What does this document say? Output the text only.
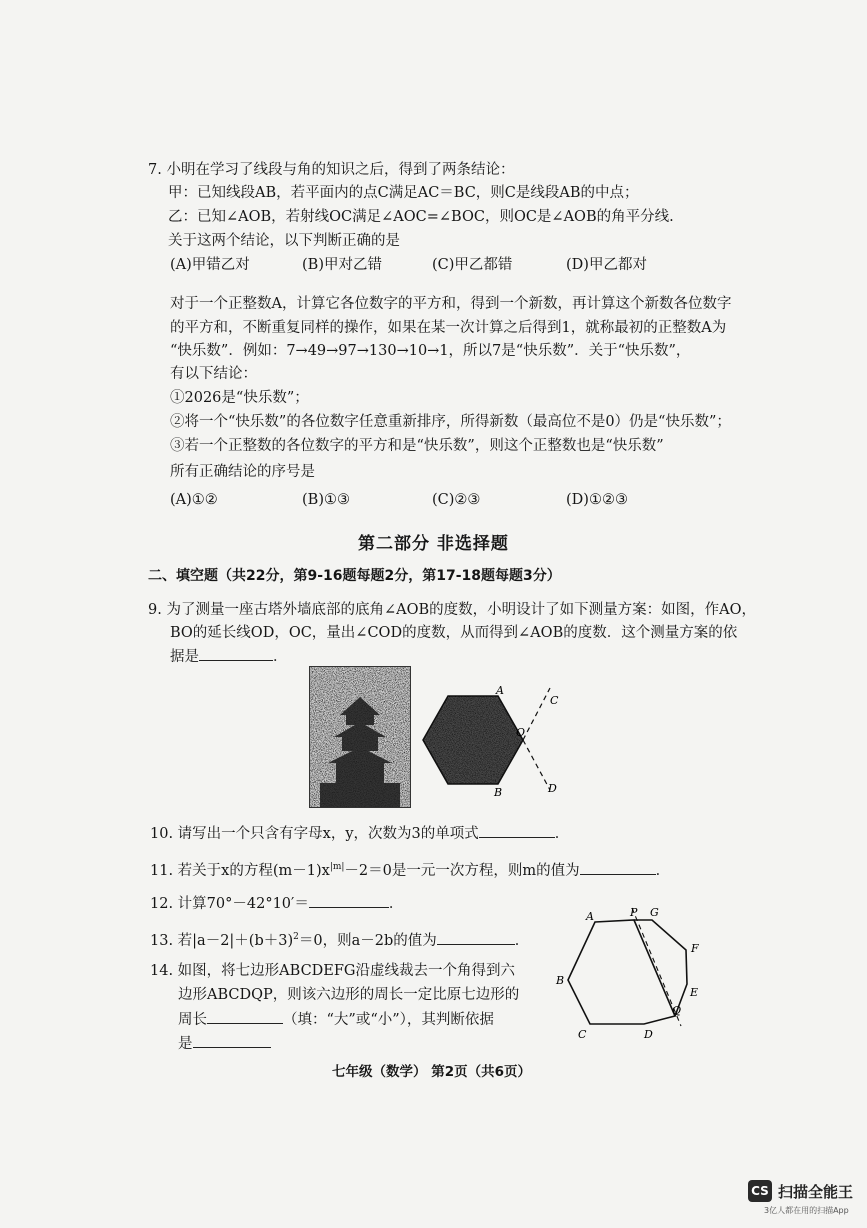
7. 小明在学习了线段与角的知识之后，得到了两条结论：
甲：已知线段AB，若平面内的点C满足AC＝BC，则C是线段AB的中点；
乙：已知∠AOB，若射线OC满足∠AOC=∠BOC，则OC是∠AOB的角平分线.
关于这两个结论，以下判断正确的是
(A)甲错乙对	(B)甲对乙错	(C)甲乙都错	(D)甲乙都对
对于一个正整数A，计算它各位数字的平方和，得到一个新数，再计算这个新数各位数字
的平方和，不断重复同样的操作，如果在某一次计算之后得到1，就称最初的正整数A为
“快乐数”．例如：7→49→97→130→10→1，所以7是“快乐数”．关于“快乐数”，
有以下结论：
①2026是“快乐数”；
②将一个“快乐数”的各位数字任意重新排序，所得新数（最高位不是0）仍是“快乐数”；
③若一个正整数的各位数字的平方和是“快乐数”，则这个正整数也是“快乐数”
所有正确结论的序号是
(A)①②	(B)①③	(C)②③	(D)①②③
第二部分 非选择题
二、填空题（共22分，第9-16题每题2分，第17-18题每题3分）
9. 为了测量一座古塔外墙底部的底角∠AOB的度数，小明设计了如下测量方案：如图，作AO，
BO的延长线OD，OC，量出∠COD的度数，从而得到∠AOB的度数．这个测量方案的依
据是	．
A
B
C
D
O
10. 请写出一个只含有字母x，y，次数为3的单项式	．
11. 若关于x的方程$(m-1)x^{|m|}-2=0$是一元一次方程，则m的值为	．
12. 计算70°－42°10′＝	．
13. 若$|a-2|+(b+3)^2=0$，则a－2b的值为	．
14. 如图，将七边形ABCDEFG沿虚线裁去一个角得到六
边形ABCDQP，则该六边形的周长一定比原七边形的
周长	（填：“大”或“小”），其判断依据
是
A	P G
F
B
E
Q
C	D
七年级（数学） 第2页（共6页）
CS 扫描全能王
3亿人都在用的扫描App
